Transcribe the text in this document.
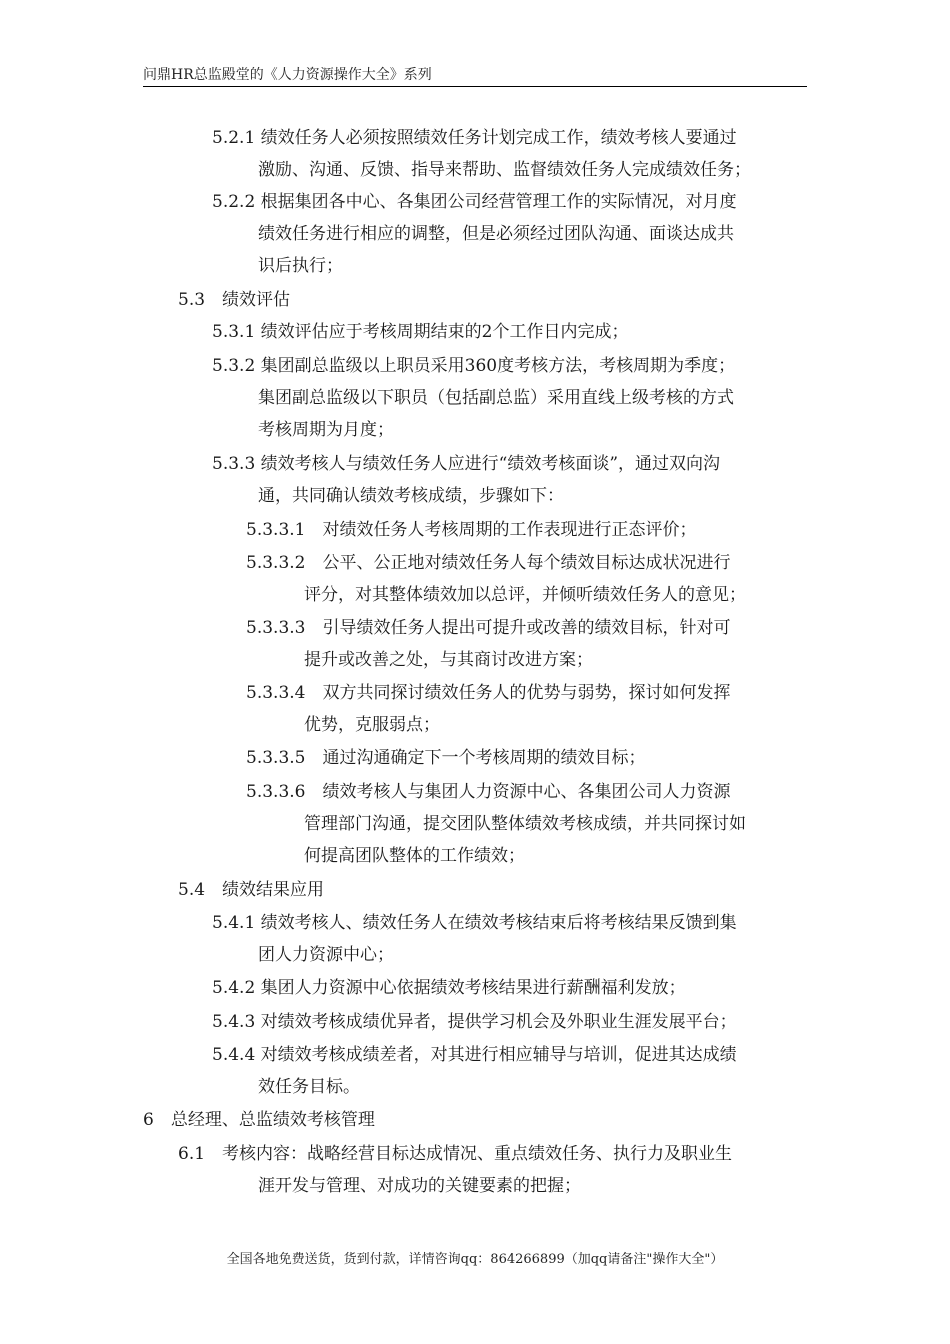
问鼎HR总监殿堂的《人力资源操作大全》系列
5.2.1 绩效任务人必须按照绩效任务计划完成工作，绩效考核人要通过
激励、沟通、反馈、指导来帮助、监督绩效任务人完成绩效任务；
5.2.2 根据集团各中心、各集团公司经营管理工作的实际情况，对月度
绩效任务进行相应的调整，但是必须经过团队沟通、面谈达成共
识后执行；
5.3　绩效评估
5.3.1 绩效评估应于考核周期结束的2个工作日内完成；
5.3.2 集团副总监级以上职员采用360度考核方法，考核周期为季度；
集团副总监级以下职员（包括副总监）采用直线上级考核的方式
考核周期为月度；
5.3.3 绩效考核人与绩效任务人应进行“绩效考核面谈”，通过双向沟
通，共同确认绩效考核成绩，步骤如下：
5.3.3.1　对绩效任务人考核周期的工作表现进行正态评价；
5.3.3.2　公平、公正地对绩效任务人每个绩效目标达成状况进行
评分，对其整体绩效加以总评，并倾听绩效任务人的意见；
5.3.3.3　引导绩效任务人提出可提升或改善的绩效目标，针对可
提升或改善之处，与其商讨改进方案；
5.3.3.4　双方共同探讨绩效任务人的优势与弱势，探讨如何发挥
优势，克服弱点；
5.3.3.5　通过沟通确定下一个考核周期的绩效目标；
5.3.3.6　绩效考核人与集团人力资源中心、各集团公司人力资源
管理部门沟通，提交团队整体绩效考核成绩，并共同探讨如
何提高团队整体的工作绩效；
5.4　绩效结果应用
5.4.1 绩效考核人、绩效任务人在绩效考核结束后将考核结果反馈到集
团人力资源中心；
5.4.2 集团人力资源中心依据绩效考核结果进行薪酬福利发放；
5.4.3 对绩效考核成绩优异者，提供学习机会及外职业生涯发展平台；
5.4.4 对绩效考核成绩差者，对其进行相应辅导与培训，促进其达成绩
效任务目标。
6　总经理、总监绩效考核管理
6.1　考核内容：战略经营目标达成情况、重点绩效任务、执行力及职业生
涯开发与管理、对成功的关键要素的把握；
全国各地免费送货，货到付款，详情咨询qq：864266899（加qq请备注"操作大全"）
